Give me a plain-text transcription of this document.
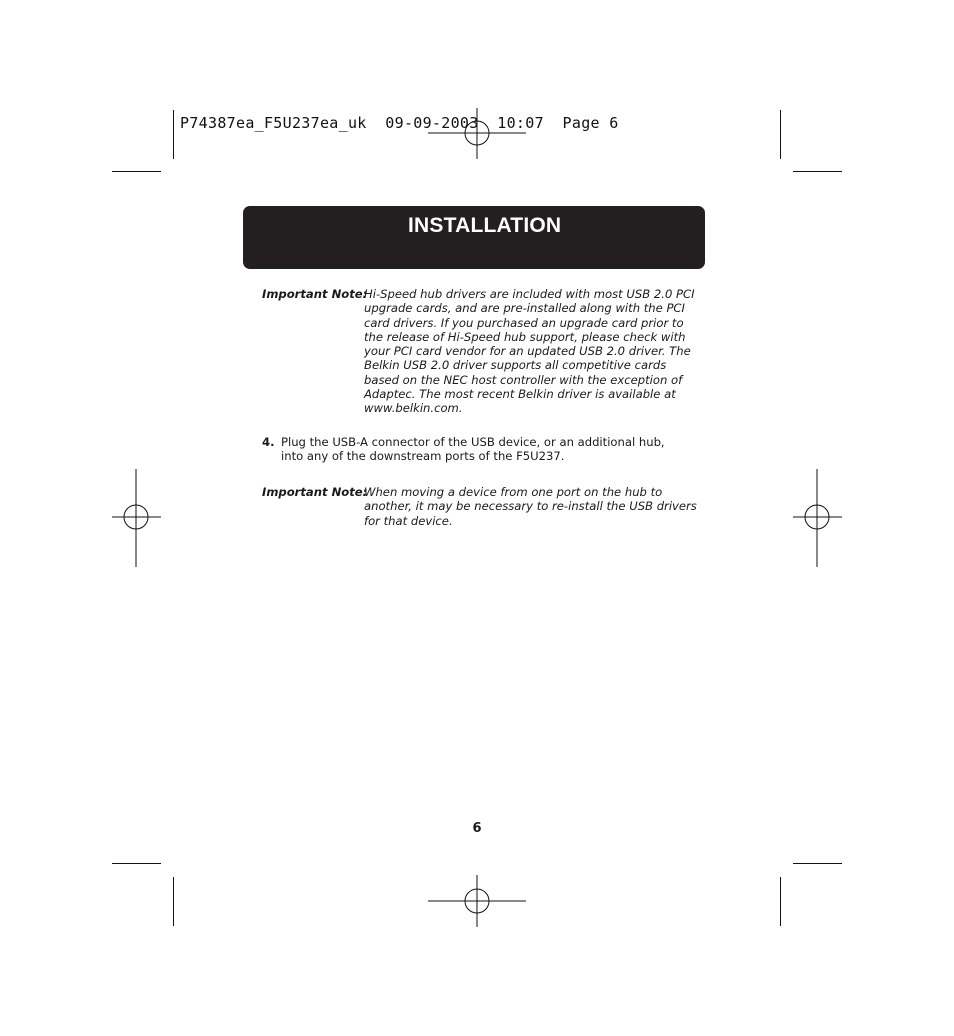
P74387ea_F5U237ea_uk  09-09-2003  10:07  Page 6
INSTALLATION
Important Note:
Hi-Speed hub drivers are included with most USB 2.0 PCI
upgrade cards, and are pre-installed along with the PCI
card drivers. If you purchased an upgrade card prior to
the release of Hi-Speed hub support, please check with
your PCI card vendor for an updated USB 2.0 driver. The
Belkin USB 2.0 driver supports all competitive cards
based on the NEC host controller with the exception of
Adaptec. The most recent Belkin driver is available at
www.belkin.com.
4. Plug the USB-A connector of the USB device, or an additional hub,
into any of the downstream ports of the F5U237.
Important Note:
When moving a device from one port on the hub to
another, it may be necessary to re-install the USB drivers
for that device.
6
